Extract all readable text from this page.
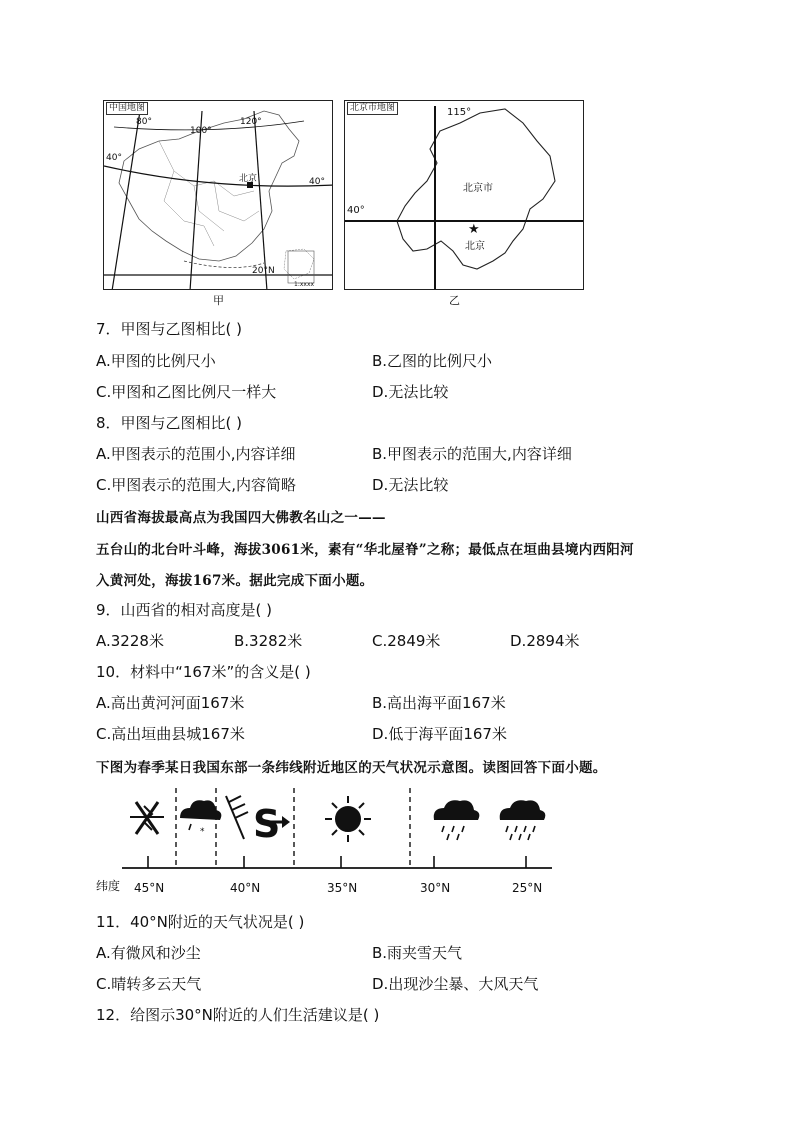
中国地图
80°
100°
120°
40°
40°
北京
20°N
1:xxxx
甲
★
北京市地图	115°
40°
北京市
北京
乙
7．甲图与乙图相比( )
A.甲图的比例尺小	B.乙图的比例尺小
C.甲图和乙图比例尺一样大	D.无法比较
8．甲图与乙图相比( )
A.甲图表示的范围小,内容详细	B.甲图表示的范围大,内容详细
C.甲图表示的范围大,内容简略	D.无法比较
山西省海拔最高点为我国四大佛教名山之一——
五台山的北台叶斗峰，海拔3061米，素有“华北屋脊”之称；最低点在垣曲县境内西阳河
入黄河处，海拔167米。据此完成下面小题。
9．山西省的相对高度是( )
A.3228米	B.3282米	C.2849米	D.2894米
10．材料中“167米”的含义是( )
A.高出黄河河面167米	B.高出海平面167米
C.高出垣曲县城167米	D.低于海平面167米
下图为春季某日我国东部一条纬线附近地区的天气状况示意图。读图回答下面小题。
* S
纬度 45°N	40°N	35°N	30°N	25°N
11．40°N附近的天气状况是( )
A.有微风和沙尘	B.雨夹雪天气
C.晴转多云天气	D.出现沙尘暴、大风天气
12．给图示30°N附近的人们生活建议是( )
